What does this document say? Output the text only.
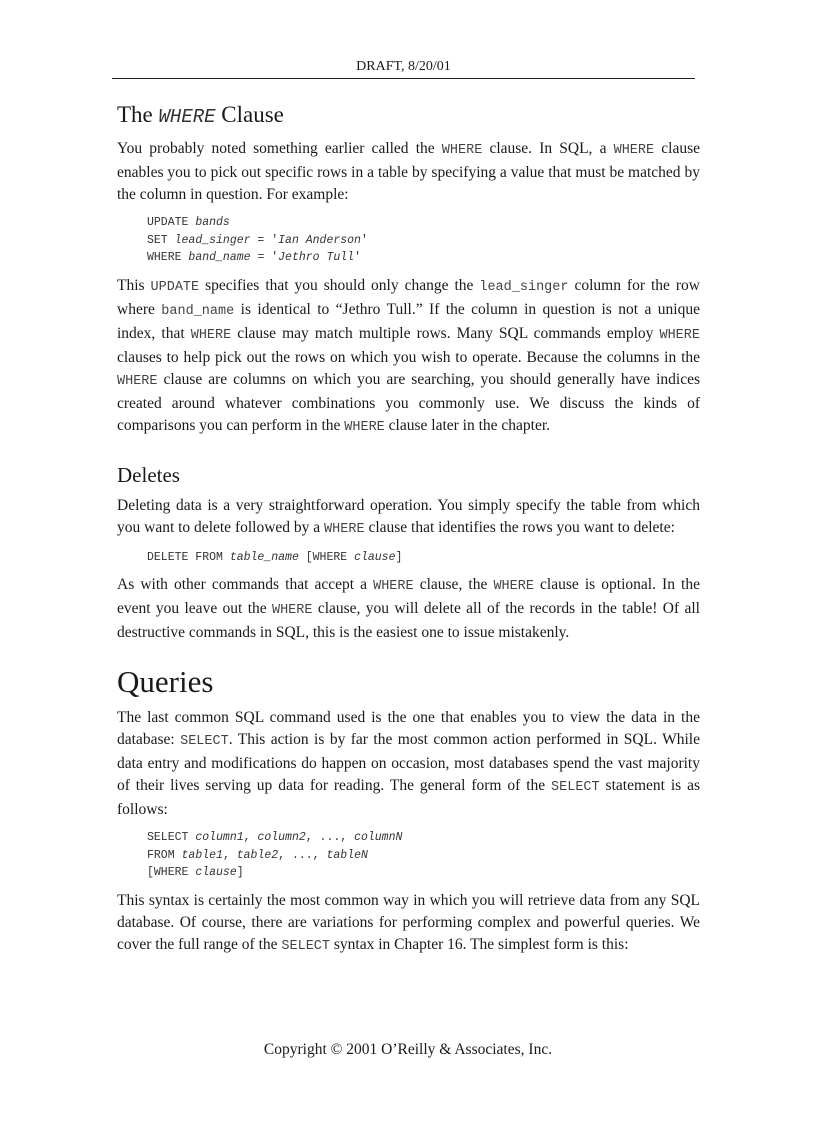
DRAFT, 8/20/01
The WHERE Clause

You probably noted something earlier called the WHERE clause. In SQL, a WHERE clause enables you to pick out specific rows in a table by specifying a value that must be matched by the column in question. For example:

UPDATE bands
SET lead_singer = 'Ian Anderson'
WHERE band_name = 'Jethro Tull'

This UPDATE specifies that you should only change the lead_singer column for the row where band_name is identical to “Jethro Tull.” If the column in question is not a unique index, that WHERE clause may match multiple rows. Many SQL commands employ WHERE clauses to help pick out the rows on which you wish to operate. Because the columns in the WHERE clause are columns on which you are searching, you should generally have indices created around whatever combinations you commonly use. We discuss the kinds of comparisons you can perform in the WHERE clause later in the chapter.

Deletes

Deleting data is a very straightforward operation. You simply specify the table from which you want to delete followed by a WHERE clause that identifies the rows you want to delete:

DELETE FROM table_name [WHERE clause]

As with other commands that accept a WHERE clause, the WHERE clause is optional. In the event you leave out the WHERE clause, you will delete all of the records in the table! Of all destructive commands in SQL, this is the easiest one to issue mistakenly.

Queries

The last common SQL command used is the one that enables you to view the data in the database: SELECT. This action is by far the most common action performed in SQL. While data entry and modifications do happen on occasion, most databases spend the vast majority of their lives serving up data for reading. The general form of the SELECT statement is as follows:

SELECT column1, column2, ..., columnN
FROM table1, table2, ..., tableN
[WHERE clause]

This syntax is certainly the most common way in which you will retrieve data from any SQL database. Of course, there are variations for performing complex and powerful queries. We cover the full range of the SELECT syntax in Chapter 16. The simplest form is this:

Copyright © 2001 O’Reilly & Associates, Inc.
